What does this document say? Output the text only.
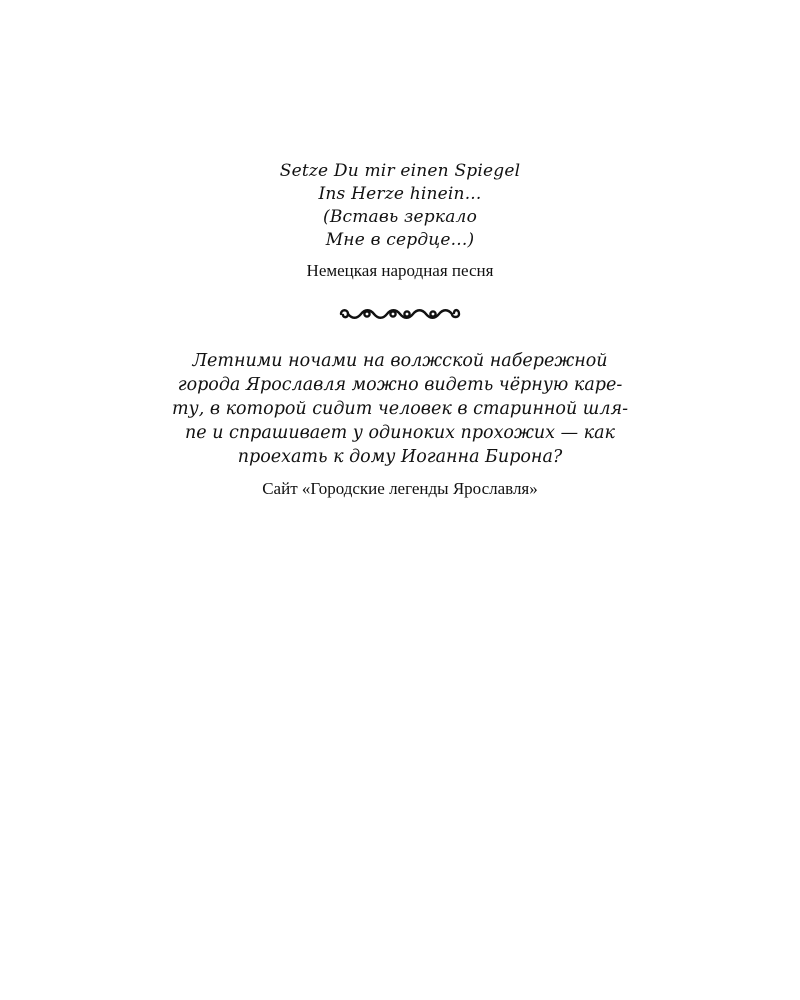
Setze Du mir einen Spiegel
Ins Herze hinein...
(Вставь зеркало
Мне в сердце...)
Немецкая народная песня
Летними ночами на волжской набережной
города Ярославля можно видеть чёрную каре-
ту, в которой сидит человек в старинной шля-
пе и спрашивает у одиноких прохожих — как
проехать к дому Иоганна Бирона?
Сайт «Городские легенды Ярославля»
